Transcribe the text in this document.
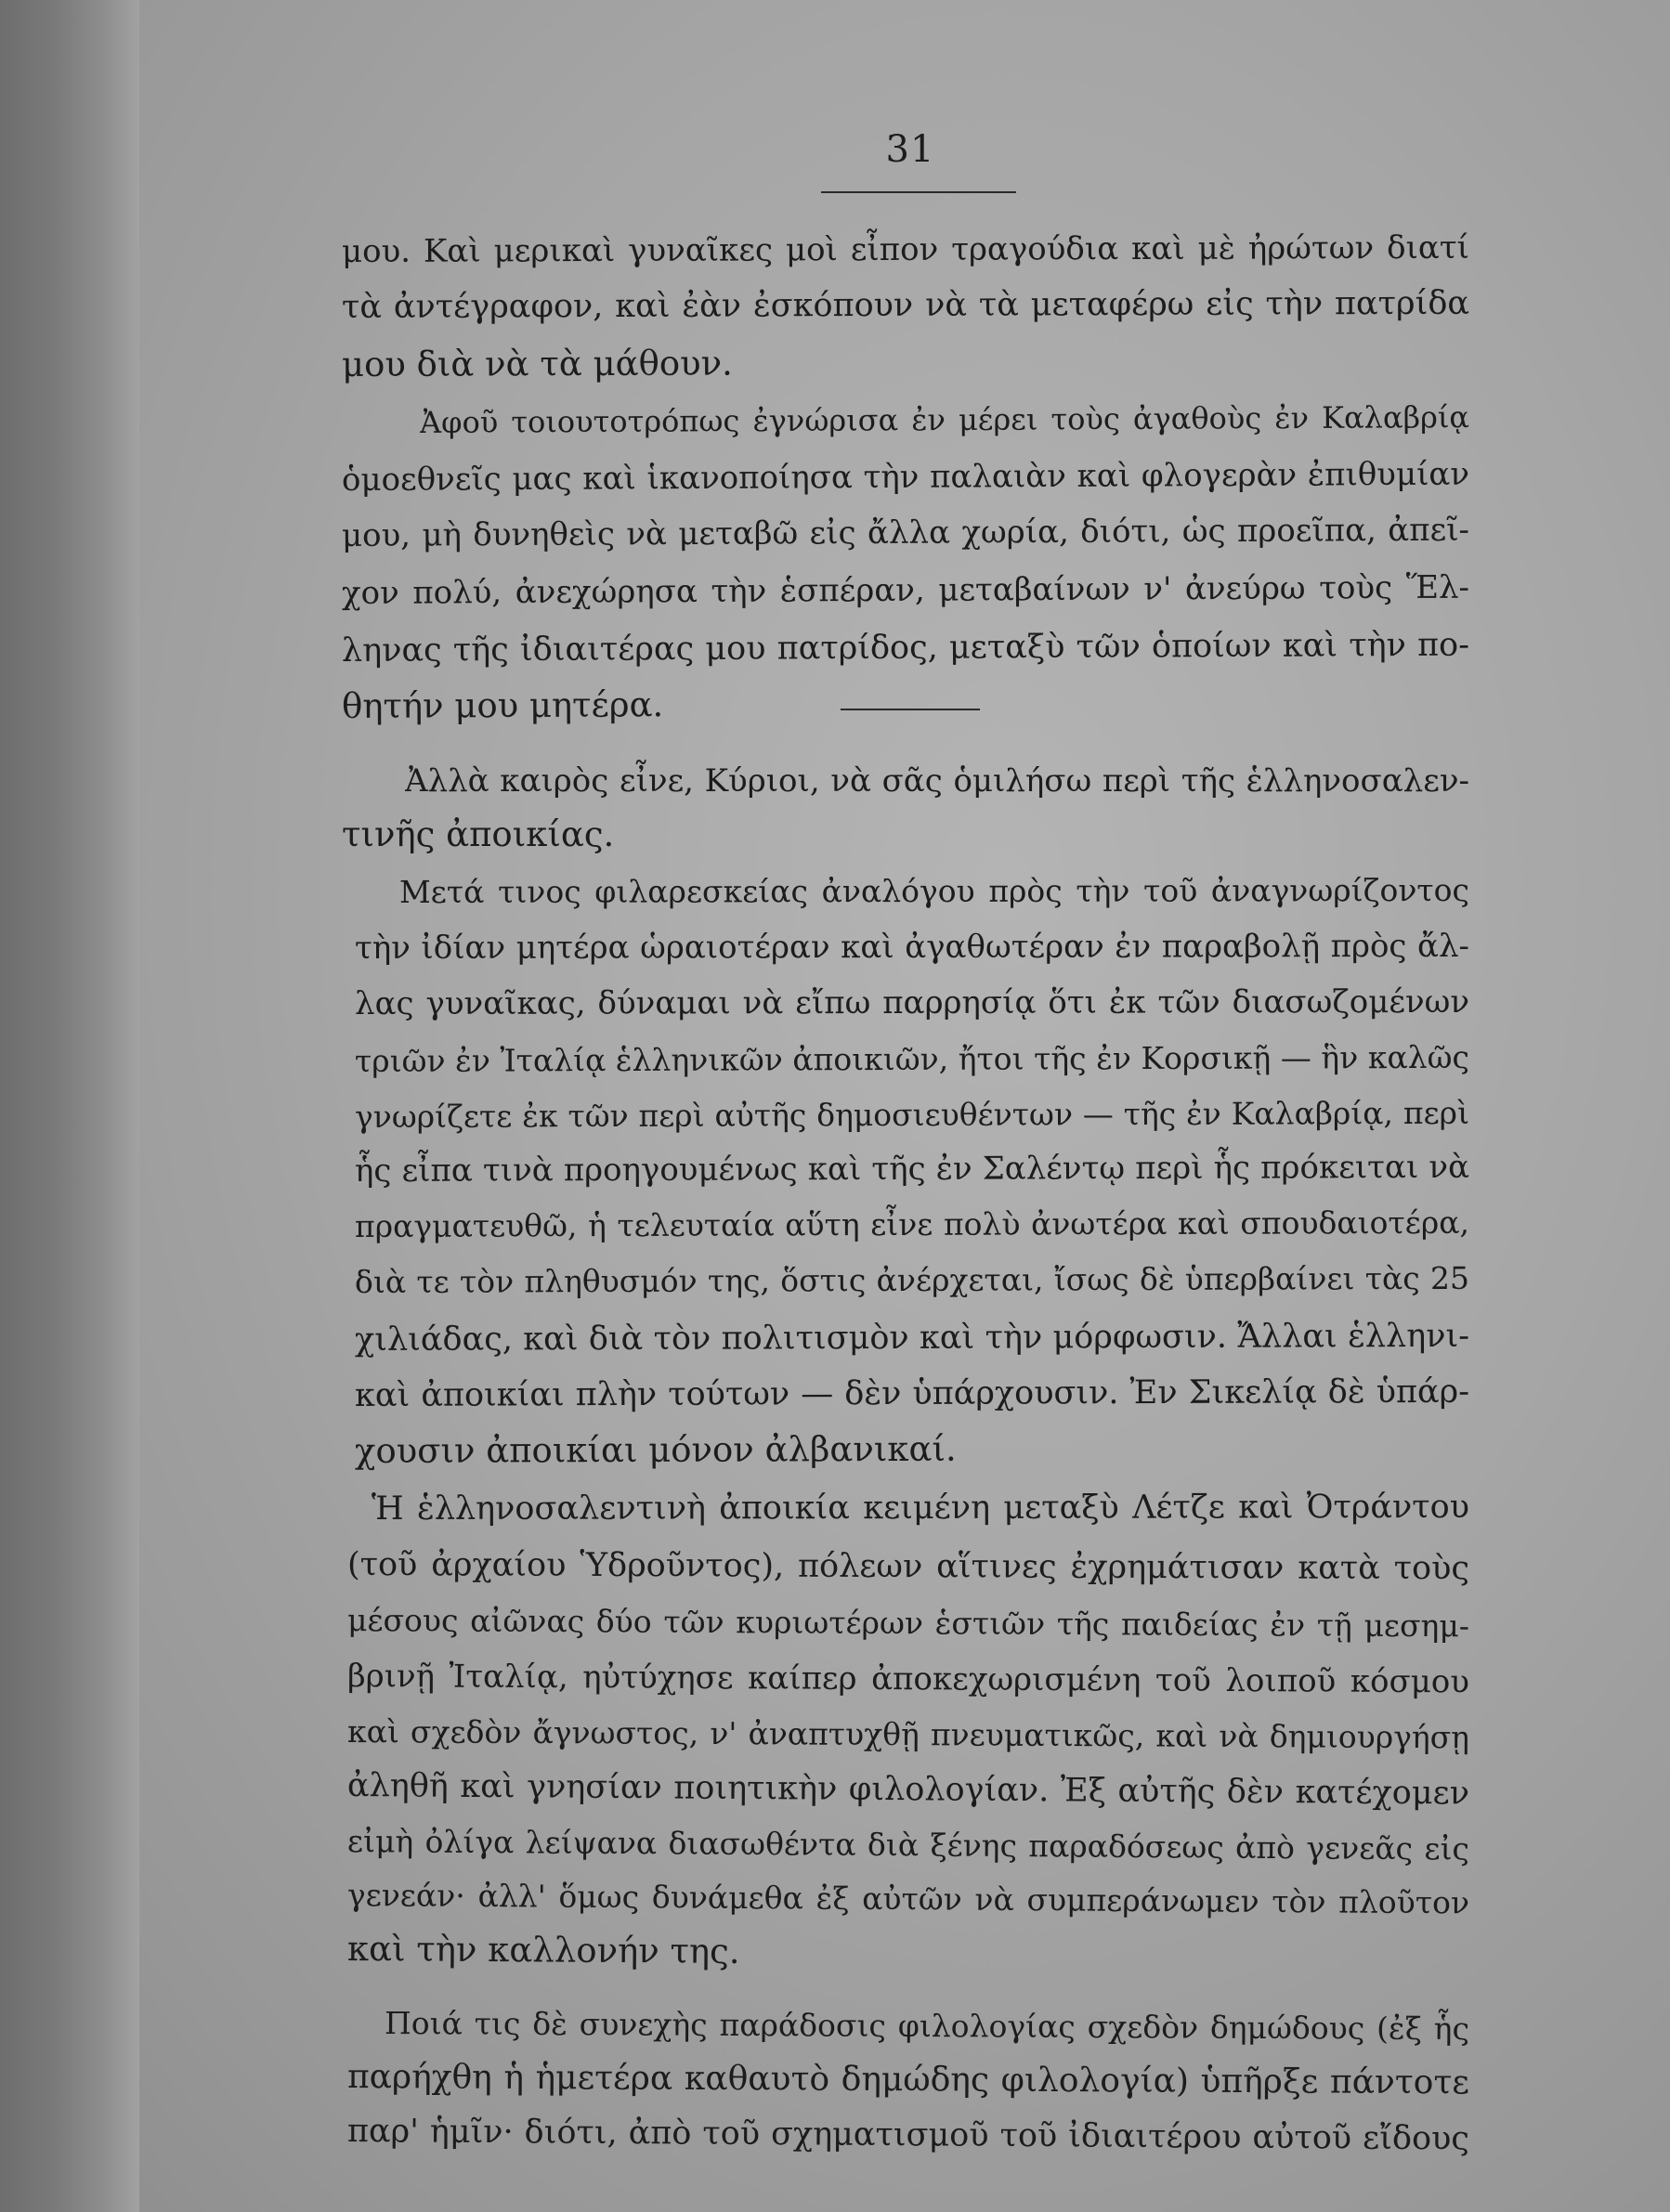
31
μου. Καὶ μερικαὶ γυναῖκες μοὶ εἶπον τραγούδια καὶ μὲ ἠρώτων διατί
τὰ ἀντέγραφον, καὶ ἐὰν ἐσκόπουν νὰ τὰ μεταφέρω εἰς τὴν πατρίδα
μου διὰ νὰ τὰ μάθουν.
Ἀφοῦ τοιουτοτρόπως ἐγνώρισα ἐν μέρει τοὺς ἀγαθοὺς ἐν Καλαβρίᾳ
ὁμοεθνεῖς μας καὶ ἱκανοποίησα τὴν παλαιὰν καὶ φλογερὰν ἐπιθυμίαν
μου, μὴ δυνηθεὶς νὰ μεταβῶ εἰς ἄλλα χωρία, διότι, ὡς προεῖπα, ἀπεῖ-
χον πολύ, ἀνεχώρησα τὴν ἑσπέραν, μεταβαίνων ν' ἀνεύρω τοὺς Ἕλ-
ληνας τῆς ἰδιαιτέρας μου πατρίδος, μεταξὺ τῶν ὁποίων καὶ τὴν πο-
θητήν μου μητέρα.
Ἀλλὰ καιρὸς εἶνε, Κύριοι, νὰ σᾶς ὁμιλήσω περὶ τῆς ἑλληνοσαλεν-
τινῆς ἀποικίας.
Μετά τινος φιλαρεσκείας ἀναλόγου πρὸς τὴν τοῦ ἀναγνωρίζοντος
τὴν ἰδίαν μητέρα ὡραιοτέραν καὶ ἀγαθωτέραν ἐν παραβολῇ πρὸς ἄλ-
λας γυναῖκας, δύναμαι νὰ εἴπω παρρησίᾳ ὅτι ἐκ τῶν διασωζομένων
τριῶν ἐν Ἰταλίᾳ ἑλληνικῶν ἀποικιῶν, ἤτοι τῆς ἐν Κορσικῇ — ἣν καλῶς
γνωρίζετε ἐκ τῶν περὶ αὐτῆς δημοσιευθέντων — τῆς ἐν Καλαβρίᾳ, περὶ
ἧς εἶπα τινὰ προηγουμένως καὶ τῆς ἐν Σαλέντῳ περὶ ἧς πρόκειται νὰ
πραγματευθῶ, ἡ τελευταία αὕτη εἶνε πολὺ ἀνωτέρα καὶ σπουδαιοτέρα,
διὰ τε τὸν πληθυσμόν της, ὅστις ἀνέρχεται, ἴσως δὲ ὑπερβαίνει τὰς 25
χιλιάδας, καὶ διὰ τὸν πολιτισμὸν καὶ τὴν μόρφωσιν. Ἄλλαι ἑλληνι-
καὶ ἀποικίαι πλὴν τούτων — δὲν ὑπάρχουσιν. Ἐν Σικελίᾳ δὲ ὑπάρ-
χουσιν ἀποικίαι μόνον ἀλβανικαί.
Ἡ ἑλληνοσαλεντινὴ ἀποικία κειμένη μεταξὺ Λέτζε καὶ Ὀτράντου
(τοῦ ἀρχαίου Ὑδροῦντος), πόλεων αἵτινες ἐχρημάτισαν κατὰ τοὺς
μέσους αἰῶνας δύο τῶν κυριωτέρων ἑστιῶν τῆς παιδείας ἐν τῇ μεσημ-
βρινῇ Ἰταλίᾳ, ηὐτύχησε καίπερ ἀποκεχωρισμένη τοῦ λοιποῦ κόσμου
καὶ σχεδὸν ἄγνωστος, ν' ἀναπτυχθῇ πνευματικῶς, καὶ νὰ δημιουργήσῃ
ἀληθῆ καὶ γνησίαν ποιητικὴν φιλολογίαν. Ἐξ αὐτῆς δὲν κατέχομεν
εἰμὴ ὀλίγα λείψανα διασωθέντα διὰ ξένης παραδόσεως ἀπὸ γενεᾶς εἰς
γενεάν· ἀλλ' ὅμως δυνάμεθα ἐξ αὐτῶν νὰ συμπεράνωμεν τὸν πλοῦτον
καὶ τὴν καλλονήν της.
Ποιά τις δὲ συνεχὴς παράδοσις φιλολογίας σχεδὸν δημώδους (ἐξ ἧς
παρήχθη ἡ ἡμετέρα καθαυτὸ δημώδης φιλολογία) ὑπῆρξε πάντοτε
παρ' ἡμῖν· διότι, ἀπὸ τοῦ σχηματισμοῦ τοῦ ἰδιαιτέρου αὐτοῦ εἴδους
